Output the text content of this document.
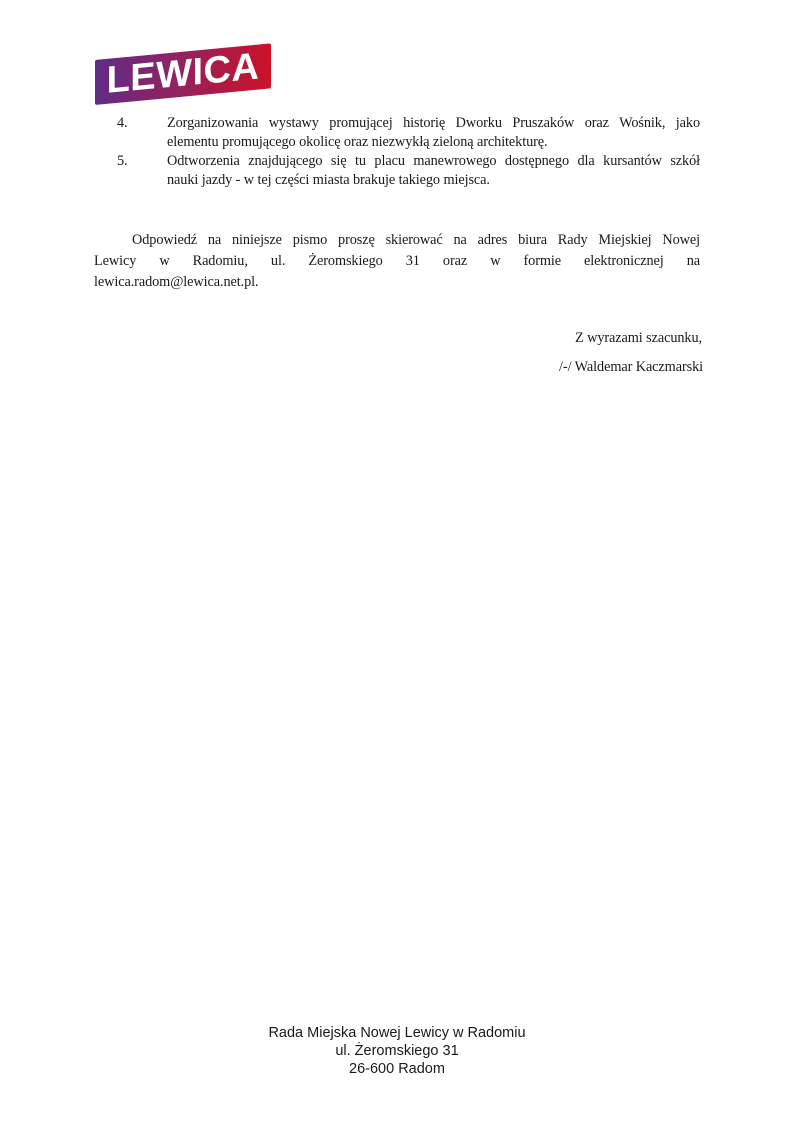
LEWICA
4.	Zorganizowania wystawy promującej historię Dworku Pruszaków oraz Wośnik, jako
elementu promującego okolicę oraz niezwykłą zieloną architekturę.
5.	Odtworzenia znajdującego się tu placu manewrowego dostępnego dla kursantów szkół
nauki jazdy - w tej części miasta brakuje takiego miejsca.
Odpowiedź na niniejsze pismo proszę skierować na adres biura Rady Miejskiej Nowej
Lewicy w Radomiu, ul. Żeromskiego 31 oraz w formie elektronicznej na
lewica.radom@lewica.net.pl.
Z wyrazami szacunku,
/-/ Waldemar Kaczmarski
Rada Miejska Nowej Lewicy w Radomiu
ul. Żeromskiego 31
26-600 Radom
